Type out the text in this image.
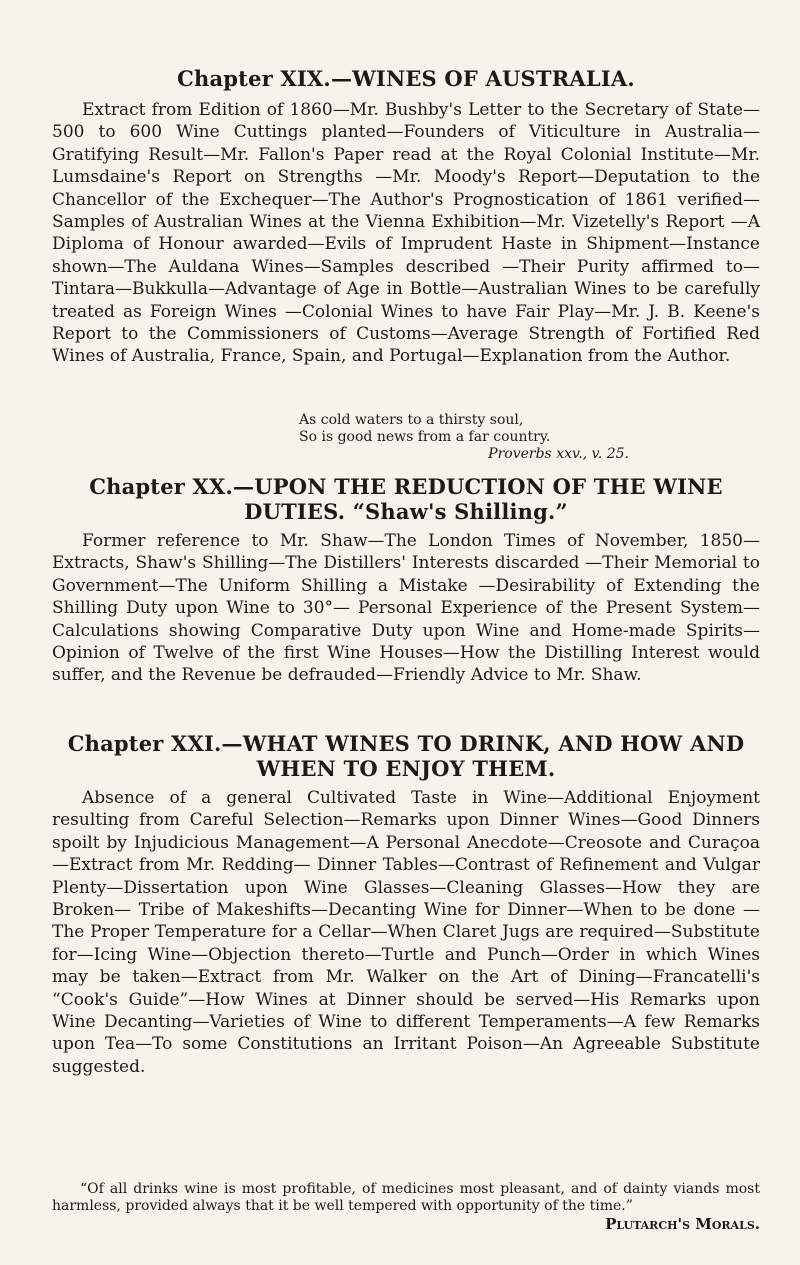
Chapter XIX.—WINES OF AUSTRALIA.

Extract from Edition of 1860—Mr. Bushby's Letter to the Secretary of State—500 to 600 Wine Cuttings planted—Founders of Viticulture in Australia—Gratifying Result—Mr. Fallon's Paper read at the Royal Colonial Institute—Mr. Lumsdaine's Report on Strengths —Mr. Moody's Report—Deputation to the Chancellor of the Exchequer—The Author's Prognostication of 1861 verified—Samples of Australian Wines at the Vienna Exhibition—Mr. Vizetelly's Report —A Diploma of Honour awarded—Evils of Imprudent Haste in Shipment—Instance shown—The Auldana Wines—Samples described —Their Purity affirmed to—Tintara—Bukkulla—Advantage of Age in Bottle—Australian Wines to be carefully treated as Foreign Wines —Colonial Wines to have Fair Play—Mr. J. B. Keene's Report to the Commissioners of Customs—Average Strength of Fortified Red Wines of Australia, France, Spain, and Portugal—Explanation from the Author.

As cold waters to a thirsty soul,
So is good news from a far country.
Proverbs xxv., v. 25.

Chapter XX.—UPON THE REDUCTION OF THE WINE DUTIES. “Shaw's Shilling.”

Former reference to Mr. Shaw—The London Times of November, 1850—Extracts, Shaw's Shilling—The Distillers' Interests discarded —Their Memorial to Government—The Uniform Shilling a Mistake —Desirability of Extending the Shilling Duty upon Wine to 30°— Personal Experience of the Present System—Calculations showing Comparative Duty upon Wine and Home-made Spirits—Opinion of Twelve of the first Wine Houses—How the Distilling Interest would suffer, and the Revenue be defrauded—Friendly Advice to Mr. Shaw.

Chapter XXI.—WHAT WINES TO DRINK, AND HOW AND WHEN TO ENJOY THEM.

Absence of a general Cultivated Taste in Wine—Additional Enjoyment resulting from Careful Selection—Remarks upon Dinner Wines—Good Dinners spoilt by Injudicious Management—A Personal Anecdote—Creosote and Curaçoa—Extract from Mr. Redding— Dinner Tables—Contrast of Refinement and Vulgar Plenty—Dissertation upon Wine Glasses—Cleaning Glasses—How they are Broken— Tribe of Makeshifts—Decanting Wine for Dinner—When to be done —The Proper Temperature for a Cellar—When Claret Jugs are required—Substitute for—Icing Wine—Objection thereto—Turtle and Punch—Order in which Wines may be taken—Extract from Mr. Walker on the Art of Dining—Francatelli's “Cook's Guide”—How Wines at Dinner should be served—His Remarks upon Wine Decanting—Varieties of Wine to different Temperaments—A few Remarks upon Tea—To some Constitutions an Irritant Poison—An Agreeable Substitute suggested.

“Of all drinks wine is most profitable, of medicines most pleasant, and of dainty viands most harmless, provided always that it be well tempered with opportunity of the time.”

Plutarch's Morals.
